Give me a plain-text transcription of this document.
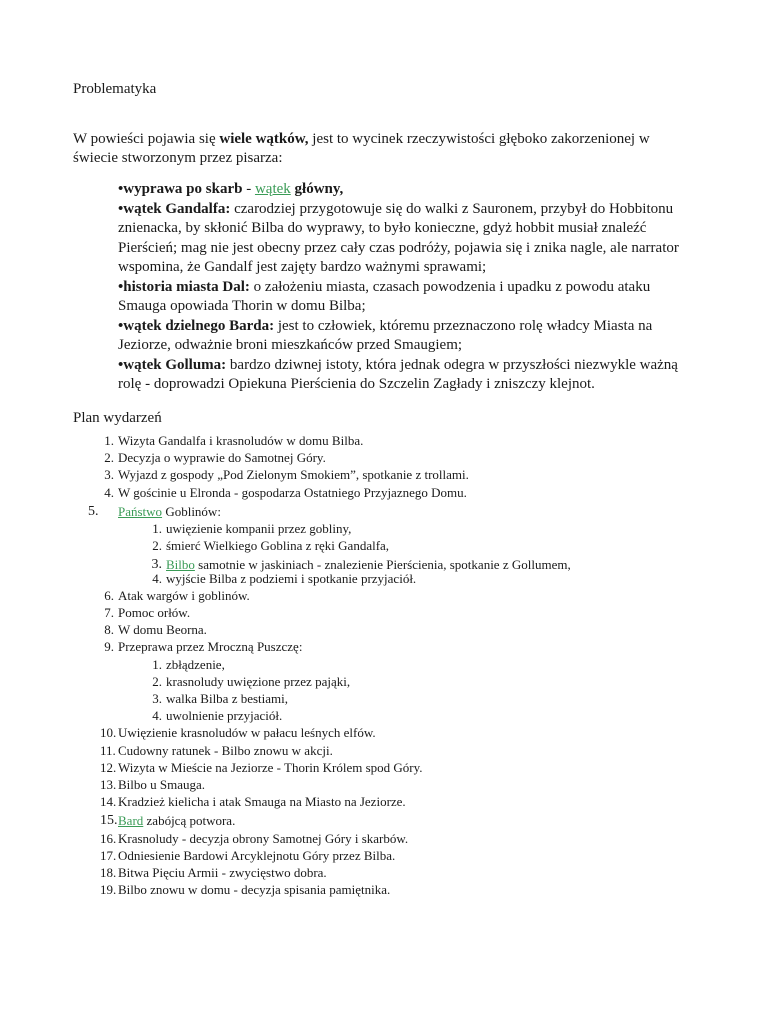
Problematyka
W powieści pojawia się wiele wątków, jest to wycinek rzeczywistości głęboko zakorzenionej w
świecie stworzonym przez pisarza:
•wyprawa po skarb - wątek główny,
•wątek Gandalfa: czarodziej przygotowuje się do walki z Sauronem, przybył do Hobbitonu znienacka, by skłonić Bilba do wyprawy, to było konieczne, gdyż hobbit musiał znaleźć Pierścień; mag nie jest obecny przez cały czas podróży, pojawia się i znika nagle, ale narrator wspomina, że Gandalf jest zajęty bardzo ważnymi sprawami;
•historia miasta Dal: o założeniu miasta, czasach powodzenia i upadku z powodu ataku Smauga opowiada Thorin w domu Bilba;
•wątek dzielnego Barda: jest to człowiek, któremu przeznaczono rolę władcy Miasta na Jeziorze, odważnie broni mieszkańców przed Smaugiem;
•wątek Golluma: bardzo dziwnej istoty, która jednak odegra w przyszłości niezwykle ważną rolę - doprowadzi Opiekuna Pierścienia do Szczelin Zagłady i zniszczy klejnot.
Plan wydarzeń
1. Wizyta Gandalfa i krasnoludów w domu Bilba.
2. Decyzja o wyprawie do Samotnej Góry.
3. Wyjazd z gospody „Pod Zielonym Smokiem”, spotkanie z trollami.
4. W gościnie u Elronda - gospodarza Ostatniego Przyjaznego Domu.
5.	Państwo Goblinów:
1. uwięzienie kompanii przez gobliny,
2. śmierć Wielkiego Goblina z ręki Gandalfa,
3. Bilbo samotnie w jaskiniach - znalezienie Pierścienia, spotkanie z Gollumem,
4. wyjście Bilba z podziemi i spotkanie przyjaciół.
6. Atak wargów i goblinów.
7. Pomoc orłów.
8. W domu Beorna.
9. Przeprawa przez Mroczną Puszczę:
1. zbłądzenie,
2. krasnoludy uwięzione przez pająki,
3. walka Bilba z bestiami,
4. uwolnienie przyjaciół.
10. Uwięzienie krasnoludów w pałacu leśnych elfów.
11. Cudowny ratunek - Bilbo znowu w akcji.
12. Wizyta w Mieście na Jeziorze - Thorin Królem spod Góry.
13. Bilbo u Smauga.
14. Kradzież kielicha i atak Smauga na Miasto na Jeziorze.
15. Bard zabójcą potwora.
16. Krasnoludy - decyzja obrony Samotnej Góry i skarbów.
17. Odniesienie Bardowi Arcyklejnotu Góry przez Bilba.
18. Bitwa Pięciu Armii - zwycięstwo dobra.
19. Bilbo znowu w domu - decyzja spisania pamiętnika.
